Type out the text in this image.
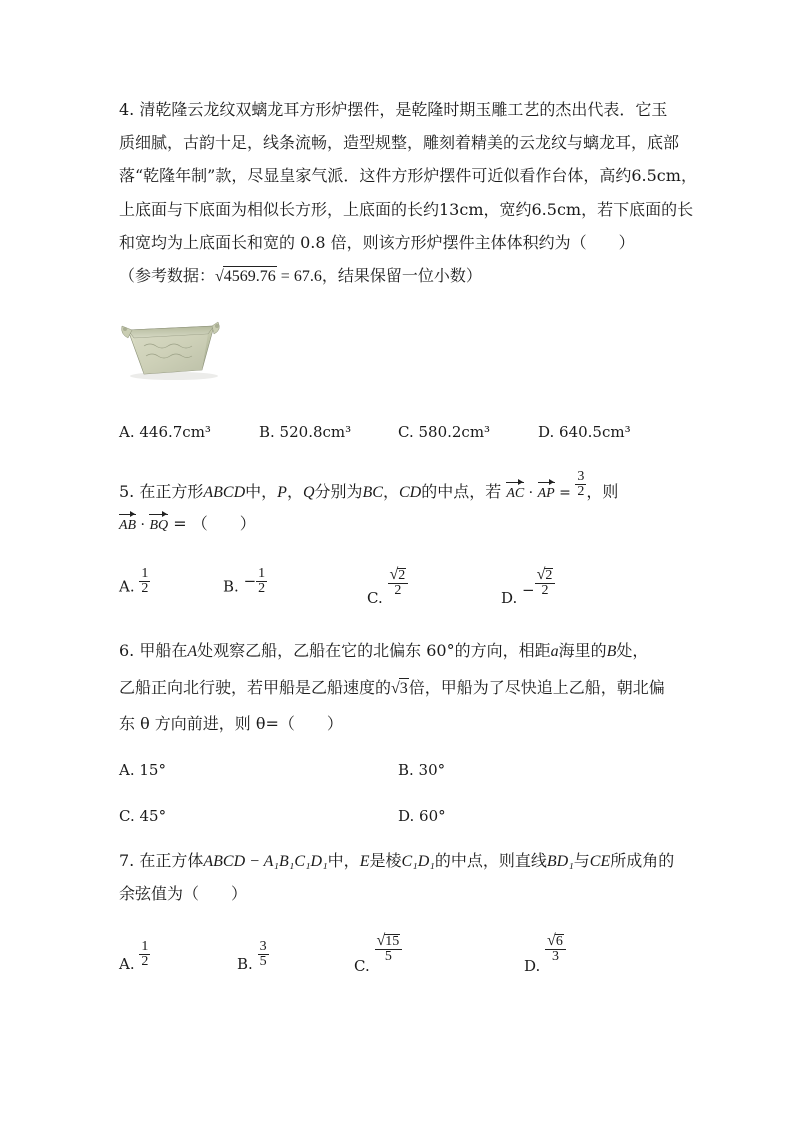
4. 清乾隆云龙纹双螭龙耳方形炉摆件，是乾隆时期玉雕工艺的杰出代表．它玉
质细腻，古韵十足，线条流畅，造型规整，雕刻着精美的云龙纹与螭龙耳，底部
落“乾隆年制”款，尽显皇家气派．这件方形炉摆件可近似看作台体，高约6.5cm，
上底面与下底面为相似长方形，上底面的长约13cm，宽约6.5cm，若下底面的长
和宽均为上底面长和宽的 0.8 倍，则该方形炉摆件主体体积约为（　　）
（参考数据：√4569.76 = 67.6，结果保留一位小数）
A. 446.7cm³	B. 520.8cm³	C. 580.2cm³	D. 640.5cm³
5. 在正方形ABCD中，P，Q分别为BC，CD的中点，若 AC · AP = $\frac{3}{2}$ ，则
AB · BQ = （　　）
A. $\frac{1}{2}$	B. − $\frac{1}{2}$
C. $\frac{√2}{2}$	D. − $\frac{√2}{2}$
6. 甲船在A处观察乙船，乙船在它的北偏东 60°的方向，相距a海里的B处，
乙船正向北行驶，若甲船是乙船速度的√3倍，甲船为了尽快追上乙船，朝北偏
东 θ 方向前进，则 θ=（　　）
A. 15°	B. 30°
C. 45°	D. 60°
7. 在正方体ABCD − A₁B₁C₁D₁中，E是棱C₁D₁的中点，则直线BD₁与CE所成角的
余弦值为（　　）
A. $\frac{1}{2}$	B. $\frac{3}{5}$	C.
$\frac{√15}{5}$
D.
$\frac{√6}{3}$
